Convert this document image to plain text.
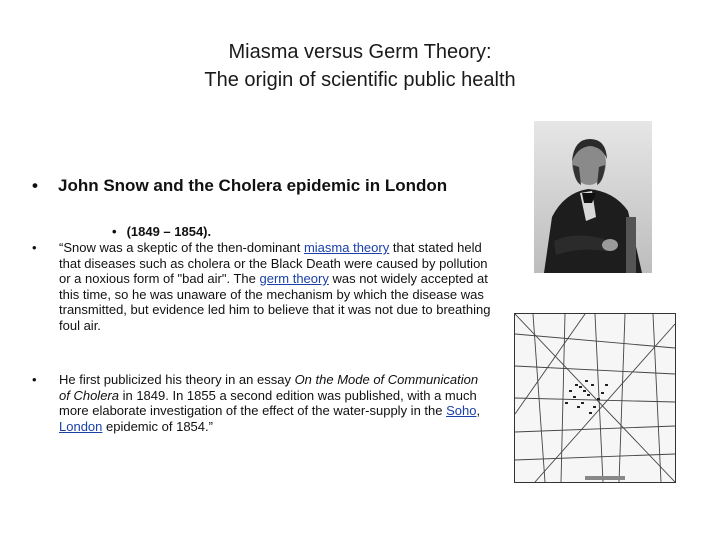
Miasma versus Germ Theory:
The origin of scientific public health
• John Snow and the Cholera epidemic in London
• (1849 – 1854).
• “Snow was a skeptic of the then-dominant miasma theory that stated held that diseases such as cholera or the Black Death were caused by pollution or a noxious form of "bad air". The germ theory was not widely accepted at this time, so he was unaware of the mechanism by which the disease was transmitted, but evidence led him to believe that it was not due to breathing foul air.
• He first publicized his theory in an essay On the Mode of Communication of Cholera in 1849. In 1855 a second edition was published, with a much more elaborate investigation of the effect of the water-supply in the Soho, London epidemic of 1854.”
